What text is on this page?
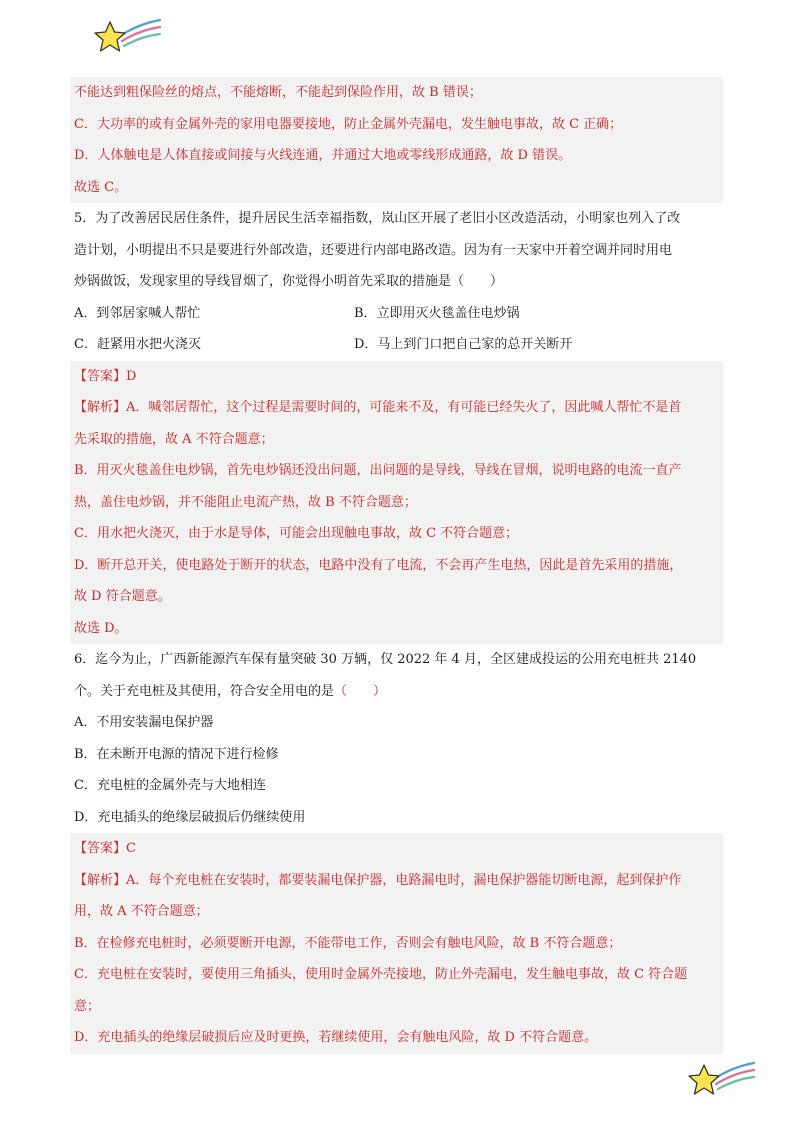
不能达到粗保险丝的熔点，不能熔断，不能起到保险作用，故 B 错误；
C．大功率的或有金属外壳的家用电器要接地，防止金属外壳漏电，发生触电事故，故 C 正确；
D．人体触电是人体直接或间接与火线连通，并通过大地或零线形成通路，故 D 错误。
故选 C。
5．为了改善居民居住条件，提升居民生活幸福指数，岚山区开展了老旧小区改造活动，小明家也列入了改
造计划，小明提出不只是要进行外部改造，还要进行内部电路改造。因为有一天家中开着空调并同时用电
炒锅做饭，发现家里的导线冒烟了，你觉得小明首先采取的措施是（　　）
A．到邻居家喊人帮忙	B．立即用灭火毯盖住电炒锅
C．赶紧用水把火浇灭	D．马上到门口把自己家的总开关断开
【答案】D
【解析】A．喊邻居帮忙，这个过程是需要时间的，可能来不及，有可能已经失火了，因此喊人帮忙不是首
先采取的措施，故 A 不符合题意；
B．用灭火毯盖住电炒锅，首先电炒锅还没出问题，出问题的是导线，导线在冒烟，说明电路的电流一直产
热，盖住电炒锅，并不能阻止电流产热，故 B 不符合题意；
C．用水把火浇灭，由于水是导体，可能会出现触电事故，故 C 不符合题意；
D．断开总开关，使电路处于断开的状态，电路中没有了电流，不会再产生电热，因此是首先采用的措施，
故 D 符合题意。
故选 D。
6．迄今为止，广西新能源汽车保有量突破 30 万辆，仅 2022 年 4 月，全区建成投运的公用充电桩共 2140
个。关于充电桩及其使用，符合安全用电的是（　　）
A．不用安装漏电保护器
B．在未断开电源的情况下进行检修
C．充电桩的金属外壳与大地相连
D．充电插头的绝缘层破损后仍继续使用
【答案】C
【解析】A．每个充电桩在安装时，都要装漏电保护器，电路漏电时，漏电保护器能切断电源，起到保护作
用，故 A 不符合题意；
B．在检修充电桩时，必须要断开电源，不能带电工作，否则会有触电风险，故 B 不符合题意；
C．充电桩在安装时，要使用三角插头，使用时金属外壳接地，防止外壳漏电，发生触电事故，故 C 符合题
意；
D．充电插头的绝缘层破损后应及时更换，若继续使用，会有触电风险，故 D 不符合题意。
